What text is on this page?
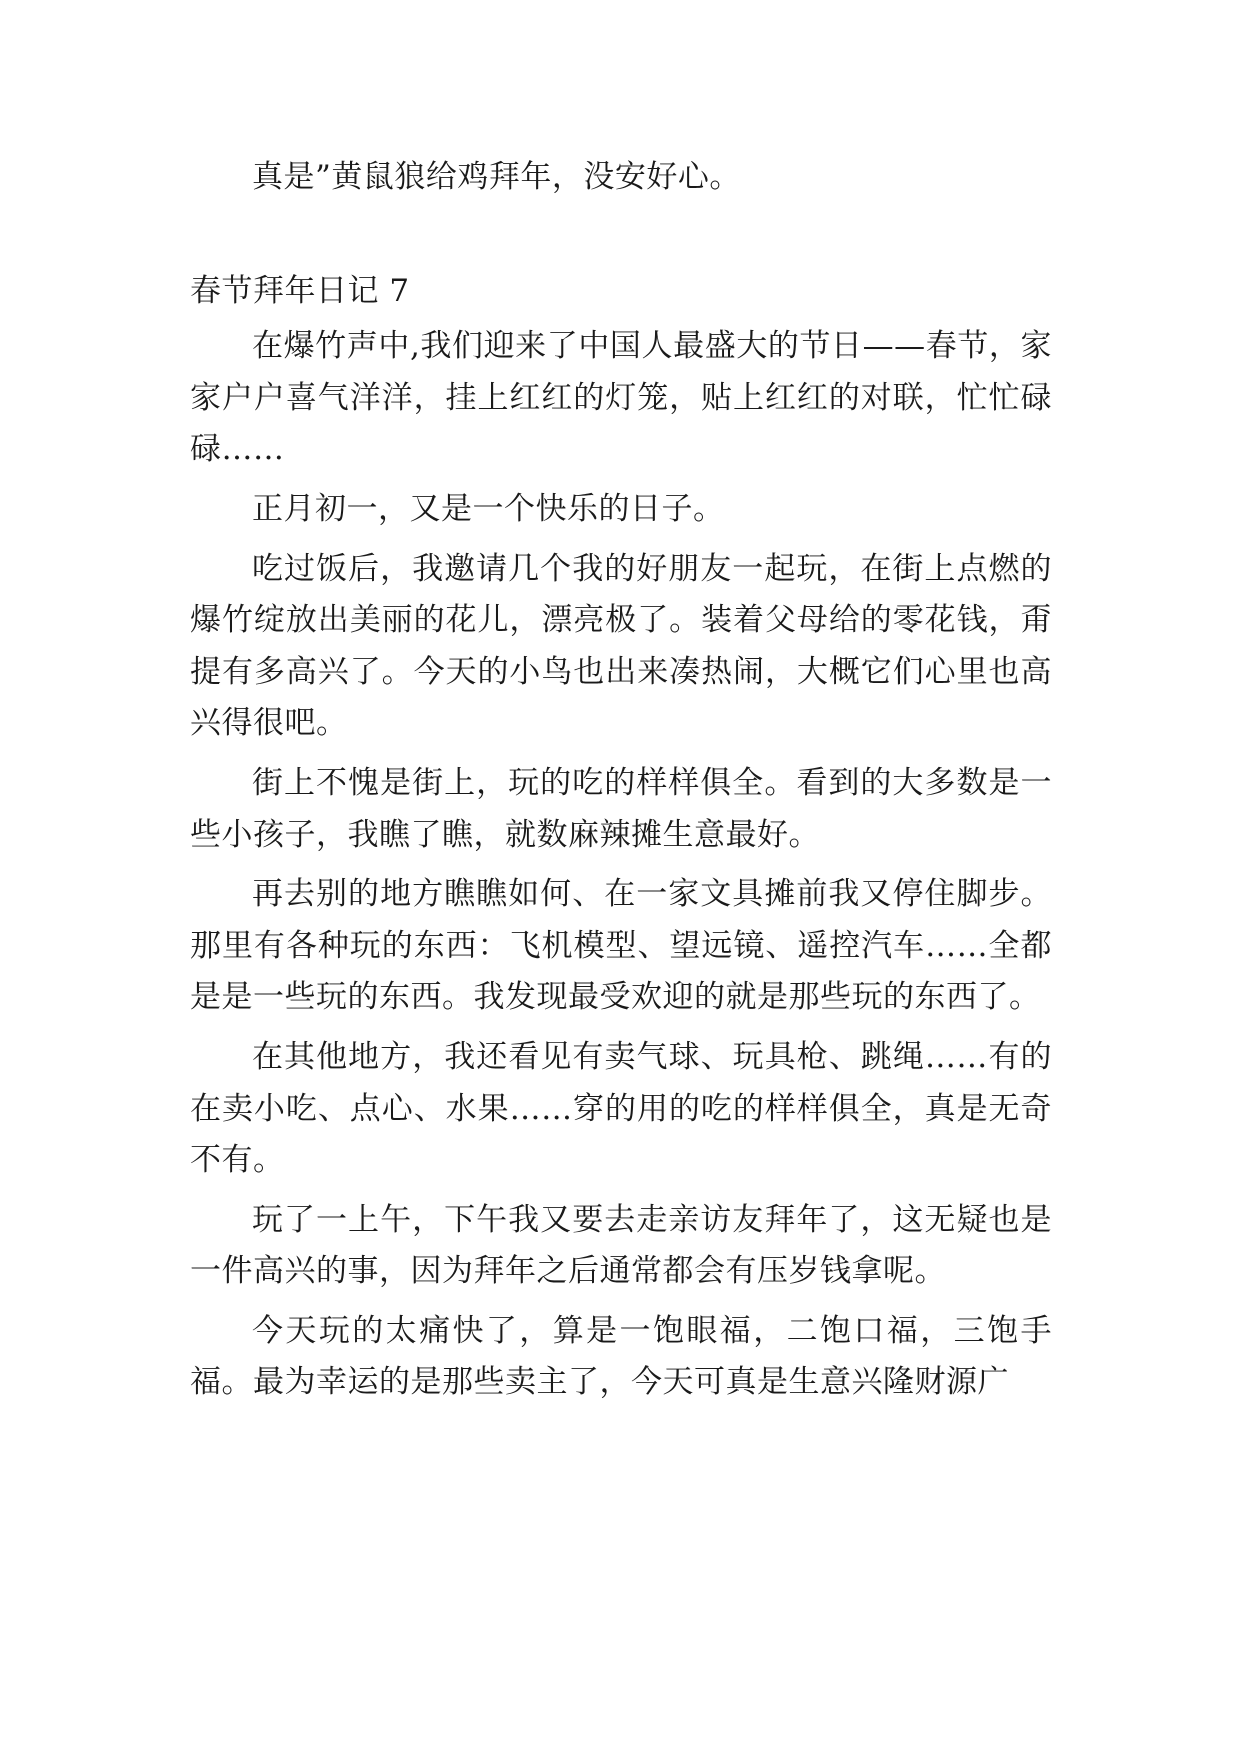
真是”黄鼠狼给鸡拜年，没安好心。

春节拜年日记 7

在爆竹声中,我们迎来了中国人最盛大的节日——春节，家家户户喜气洋洋，挂上红红的灯笼，贴上红红的对联，忙忙碌碌……

正月初一，又是一个快乐的日子。

吃过饭后，我邀请几个我的好朋友一起玩，在街上点燃的爆竹绽放出美丽的花儿，漂亮极了。装着父母给的零花钱，甭提有多高兴了。今天的小鸟也出来凑热闹，大概它们心里也高兴得很吧。

街上不愧是街上，玩的吃的样样俱全。看到的大多数是一些小孩子，我瞧了瞧，就数麻辣摊生意最好。

再去别的地方瞧瞧如何、在一家文具摊前我又停住脚步。那里有各种玩的东西：飞机模型、望远镜、遥控汽车……全都是是一些玩的东西。我发现最受欢迎的就是那些玩的东西了。

在其他地方，我还看见有卖气球、玩具枪、跳绳……有的在卖小吃、点心、水果……穿的用的吃的样样俱全，真是无奇不有。

玩了一上午，下午我又要去走亲访友拜年了，这无疑也是一件高兴的事，因为拜年之后通常都会有压岁钱拿呢。

今天玩的太痛快了，算是一饱眼福，二饱口福，三饱手福。最为幸运的是那些卖主了，今天可真是生意兴隆财源广
